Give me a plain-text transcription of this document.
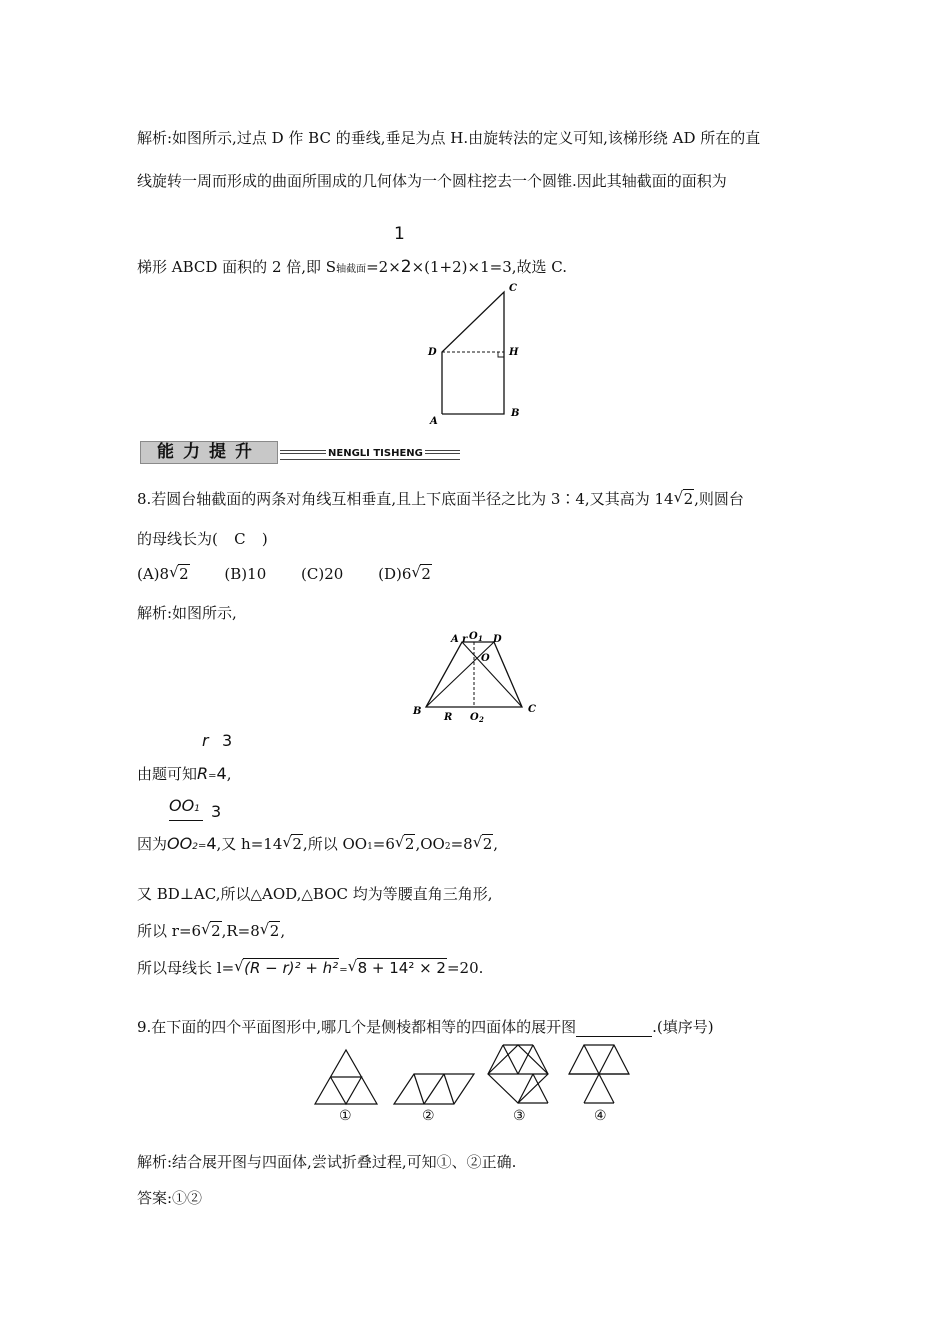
解析:如图所示,过点 D 作 BC 的垂线,垂足为点 H.由旋转法的定义可知,该梯形绕 AD 所在的直
线旋转一周而形成的曲面所围成的几何体为一个圆柱挖去一个圆锥.因此其轴截面的面积为
1
梯形 ABCD 面积的 2 倍,即 S轴截面=2×2×(1+2)×1=3,故选 C.
A
B
C
D	H
能力提升	NENGLI TISHENG
8.若圆台轴截面的两条对角线互相垂直,且上下底面半径之比为 3∶4,又其高为 14 √ 2,则圆台
的母线长为( C )
(A)8 √ 2 (B)10 (C)20 (D)6 √ 2
解析:如图所示,
A r O 1 D
O
B
R O 2
C
r 3
由题可知R=4,
OO1 3
因为OO2=4,又 h=14 √ 2,所以 OO1=6 √ 2,OO2=8 √ 2,
又 BD⊥AC,所以△AOD,△BOC 均为等腰直角三角形,
所以 r=6 √ 2,R=8 √ 2,
所以母线长 l= √ (R − r)² + h²= √ 8 + 14² × 2=20.
9.在下面的四个平面图形中,哪几个是侧棱都相等的四面体的展开图	.(填序号)
①	②	③	④
解析:结合展开图与四面体,尝试折叠过程,可知①、②正确.
答案:①②
